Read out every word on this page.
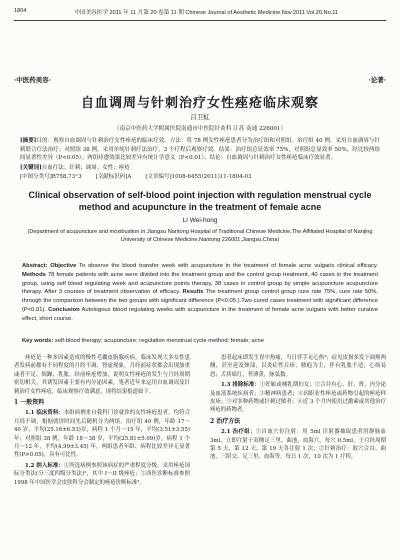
1804	中国美容医学 2011 年 11 月第 20 卷第 11 期 Chinese Journal of Aesthetic Medicine.Nov.2011.Vol.20.No.11
·中医药美容·	·论著·
自血调周与针刺治疗女性痤疮临床观察
吕卫虹
（南京中医药大学附属医院南通市中医院针灸科 江苏 南通 226001）
[摘要]目的：观察自血调周与针刺治疗女性痤疮的临床疗效。方法：将 78 例女性痤疮患者分为治疗组和对照组。治疗组 40 例，采用自血调周与针刺联合疗法治疗；对照组 38 例，采用单纯针刺疗法治疗，3 个疗程后观察疗效。结果：治疗组总显效率 75%，对照组总显效率 50%，经比较两组间显著性差异（P<0.05）；两组痊愈效果比较差异有统计学意义（P<0.01）。结论：自血调周与针刺治疗女性痤疮临床疗效显著。
[关键词]自血疗法；针刺；调周；女性；痤疮
[中图分类号]R758.73⁺3	[文献标识码]A	[文章编号]1008-6455(2011)11-1804-03
Clinical observation of self-blood point injection with regulation menstrual cycle method and acupuncture in the treatment of female acne
LI Wei-hong
(Department of acupuncture and moxibustion in Jiangsu Nantong Hospital of Traditional Chinese Medicine,The Affiliated Hospital of Nanjing University of Chinese Medicine,Nantong 226001,Jiangsu,China)
Abstract: Objective To observe the blood transfer week with acupuncture in the treatment of female acne vulgaris clinical efficacy. Methods 78 female patients with acne were divided into the treatment group and the control group treatment, 40 cases in the treatment group, using self blood regulating week and acupuncture points therapy, 38 cases in control group by simple acupuncture acupuncture therapy. After 3 courses of treatment observation of efficacy. Results The treatment group control group cure rate 75%, cure rate 50%, through the comparison between the two groups with significant difference (P<0.05 ).Two cured cases treatment with significant difference (P<0.01). Conclusion Autologous blood regulating weeks with acupuncture in the treatment of female acne vulgaris with better curative effect, short course.
Key words: self-blood therapy; acupuncture; regulation menstrual cycle method; female; acne

痤疮是一种多因素造成的慢性毛囊皮脂腺疾病，临床发现大多女性患者发病前都有不同程度的月经不调、肾虚现象，月经前症状都会出现加重或者不足、烦躁、乳胀，经前痤疮增加，说明女性痤疮的发生与月经周期密切相关。其诱发因素主要有内分泌因素，笔者近年来运用自血调周及针刺治疗女性痤疮，临床观察疗效满意，现将结果报道如下。

1 一般资料

1.1 临床资料：本组病例来自我科门诊就诊的女性痤疮患者，均符合月经不调，根据就诊时间先后随机分为两组。治疗组 40 例，年龄 17～40 岁，平均(25.16±6.53)岁，病程 1 个月～15 年，平均(3.51±3.55)年；对照组 38 例，年龄 18～38 岁，平均(25.81±5.09)岁，病程 1 个月～12 年，平均(4.99±3.45) 年。两组患者年龄、病程比较差异无显著性(P>0.05)，具有可比性。

1.2 纳入标准：①所选病例参照该病症的严重程度分级。采用痤疮国际分类法(分三度四级分类法)²，其中 I～II 级痤疮；②西医诊断标准参照 1998 年中国医学会皮肤科分会制定的痤疮诊断标准³。

患者起床即发生胃中热痛，当日伴手足心热³；症见皮损多发于面颊两侧，甚至延及颈部，以炎症性丘疹、脓疱为主，伴有乳胀不适，心烦易怒；舌质暗红，苔薄黄，脉弦数。

1.3 排除标准：①妊娠或哺乳期妇女；②合并有心、肝、肾、内分泌及血液系统疾病者；③精神病患者；④因职业性痤疮或药物引起的痤疮样皮疹；⑤对多种药物或针刺过敏者；⑥近 3 个月内使用过激素或其他治疗痤疮的药物者。

2 治疗方法

2.1 治疗组：①自血穴位注射：用 5ml 注射器抽取患者肘静脉血 3ml，立即注射于双侧足三里、曲池、血海穴，每穴 0.5ml，于月经周期第 5 天、第 12 天、第 19 天各注射 1 次；②针刺治疗：取穴合谷、曲池、三阴交、足三里、血海等，每日 1 次，10 次为 1 疗程。
